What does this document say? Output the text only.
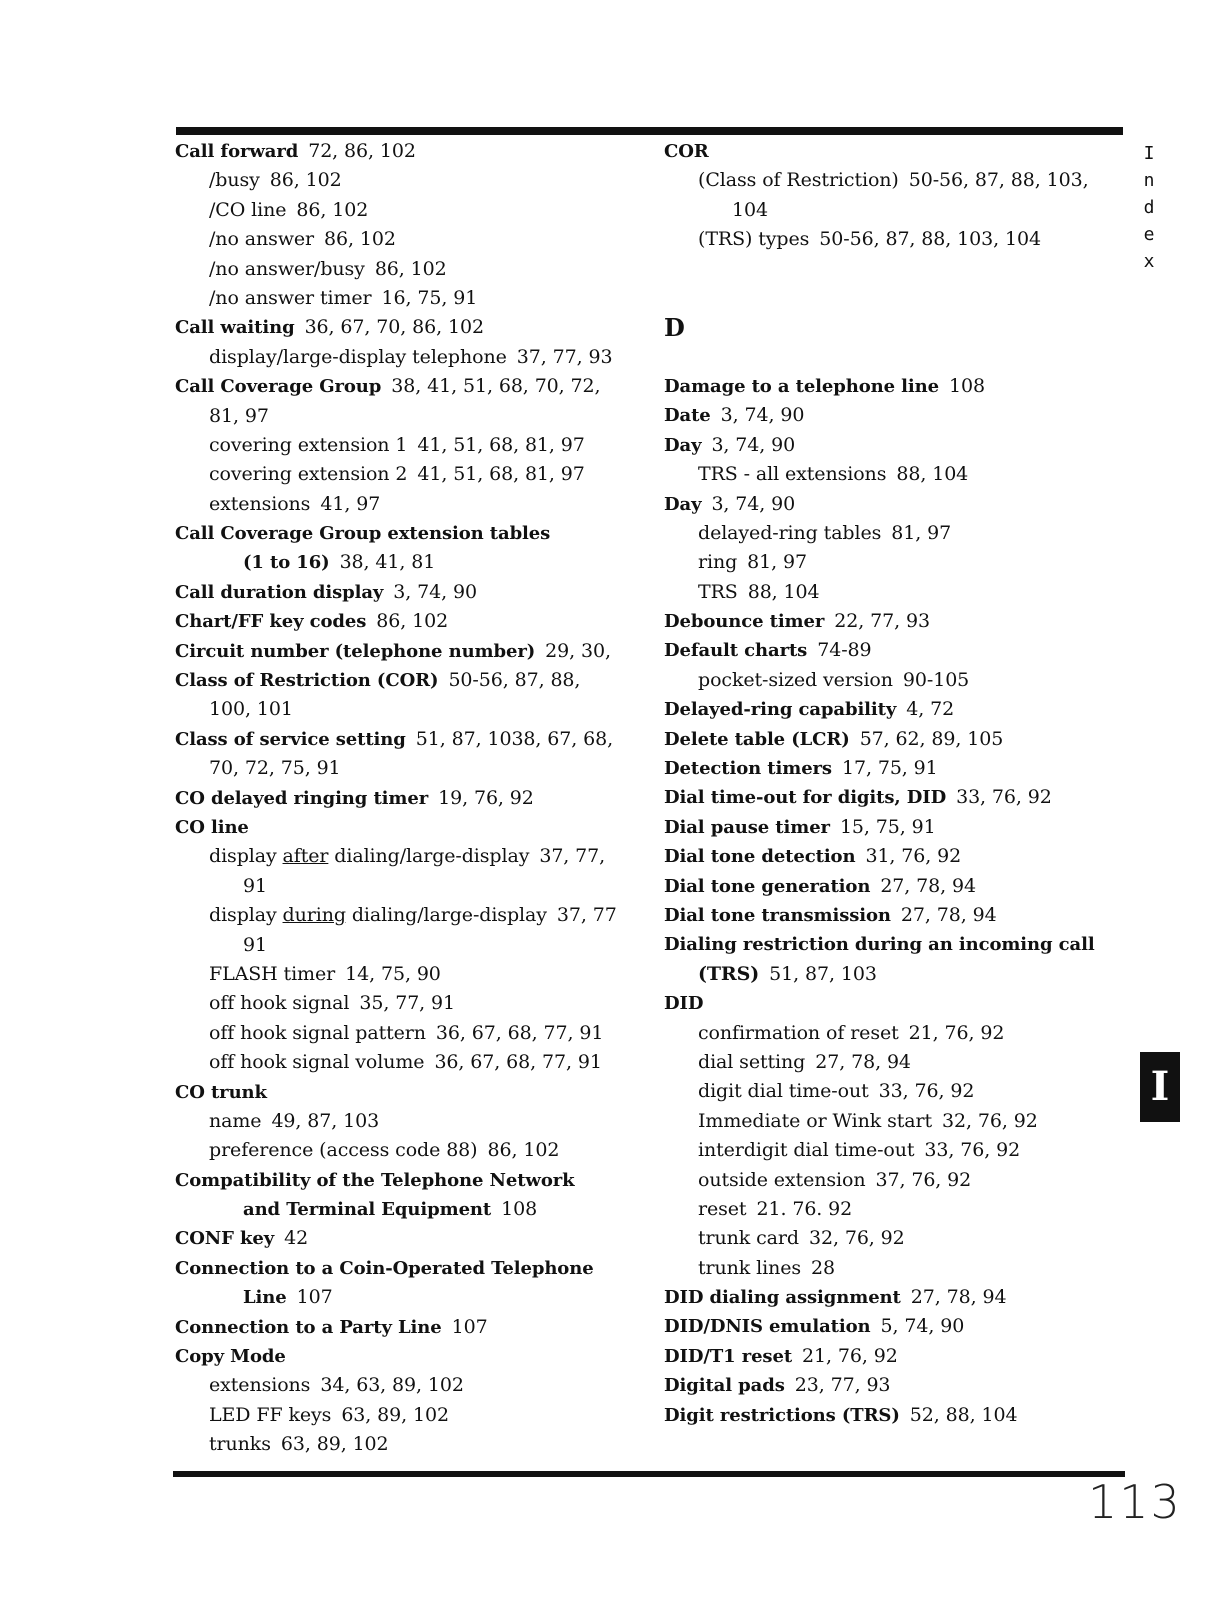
Call forward 72, 86, 102
/busy 86, 102
/CO line 86, 102
/no answer 86, 102
/no answer/busy 86, 102
/no answer timer 16, 75, 91
Call waiting 36, 67, 70, 86, 102
display/large-display telephone 37, 77, 93
Call Coverage Group 38, 41, 51, 68, 70, 72,
81, 97
covering extension 1 41, 51, 68, 81, 97
covering extension 2 41, 51, 68, 81, 97
extensions 41, 97
Call Coverage Group extension tables
(1 to 16) 38, 41, 81
Call duration display 3, 74, 90
Chart/FF key codes 86, 102
Circuit number (telephone number) 29, 30,
Class of Restriction (COR) 50-56, 87, 88,
100, 101
Class of service setting 51, 87, 1038, 67, 68,
70, 72, 75, 91
CO delayed ringing timer 19, 76, 92
CO line
display after dialing/large-display 37, 77,
91
display during dialing/large-display 37, 77
91
FLASH timer 14, 75, 90
off hook signal 35, 77, 91
off hook signal pattern 36, 67, 68, 77, 91
off hook signal volume 36, 67, 68, 77, 91
CO trunk
name 49, 87, 103
preference (access code 88) 86, 102
Compatibility of the Telephone Network
and Terminal Equipment 108
CONF key 42
Connection to a Coin-Operated Telephone
Line 107
Connection to a Party Line 107
Copy Mode
extensions 34, 63, 89, 102
LED FF keys 63, 89, 102
trunks 63, 89, 102
COR
(Class of Restriction) 50-56, 87, 88, 103,
104
(TRS) types 50-56, 87, 88, 103, 104
D
Damage to a telephone line 108
Date 3, 74, 90
Day 3, 74, 90
TRS - all extensions 88, 104
Day 3, 74, 90
delayed-ring tables 81, 97
ring 81, 97
TRS 88, 104
Debounce timer 22, 77, 93
Default charts 74-89
pocket-sized version 90-105
Delayed-ring capability 4, 72
Delete table (LCR) 57, 62, 89, 105
Detection timers 17, 75, 91
Dial time-out for digits, DID 33, 76, 92
Dial pause timer 15, 75, 91
Dial tone detection 31, 76, 92
Dial tone generation 27, 78, 94
Dial tone transmission 27, 78, 94
Dialing restriction during an incoming call
(TRS) 51, 87, 103
DID
confirmation of reset 21, 76, 92
dial setting 27, 78, 94
digit dial time-out 33, 76, 92
Immediate or Wink start 32, 76, 92
interdigit dial time-out 33, 76, 92
outside extension 37, 76, 92
reset 21. 76. 92
trunk card 32, 76, 92
trunk lines 28
DID dialing assignment 27, 78, 94
DID/DNIS emulation 5, 74, 90
DID/T1 reset 21, 76, 92
Digital pads 23, 77, 93
Digit restrictions (TRS) 52, 88, 104
I
n
d
e
x
I
113
